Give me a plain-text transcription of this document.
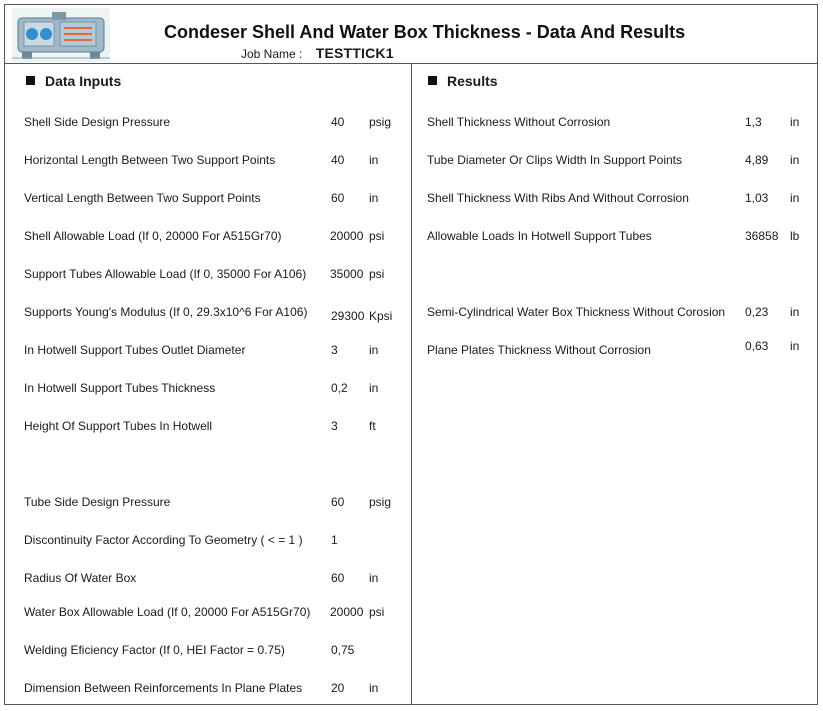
Condeser Shell And Water Box Thickness - Data And Results
Job Name : TESTTICK1
Data Inputs	Results
Shell Side Design Pressure	40 psig
Horizontal Length Between Two Support Points	40 in
Vertical Length Between Two Support Points	60 in
Shell Allowable Load (If 0, 20000 For A515Gr70)	20000 psi
Support Tubes Allowable Load (If 0, 35000 For A106) 35000 psi
Supports Young's Modulus (If 0, 29.3x10^6 For A106) 29300 Kpsi
In Hotwell Support Tubes Outlet Diameter	3	in
In Hotwell Support Tubes Thickness	0,2 in
Height Of Support Tubes In Hotwell	3	ft
Tube Side Design Pressure	60 psig
Discontinuity Factor According To Geometry ( < = 1 ) 1
Radius Of Water Box	60 in
Water Box Allowable Load (If 0, 20000 For A515Gr70) 20000 psi
Welding Eficiency Factor (If 0, HEI Factor = 0.75)	0,75
Dimension Between Reinforcements In Plane Plates 20 in
Shell Thickness Without Corrosion	1,3 in
Tube Diameter Or Clips Width In Support Points	4,89 in
Shell Thickness With Ribs And Without Corrosion	1,03 in
Allowable Loads In Hotwell Support Tubes	36858 lb
Semi-Cylindrical Water Box Thickness Without Corosion 0,23 in
Plane Plates Thickness Without Corrosion	0,63 in
